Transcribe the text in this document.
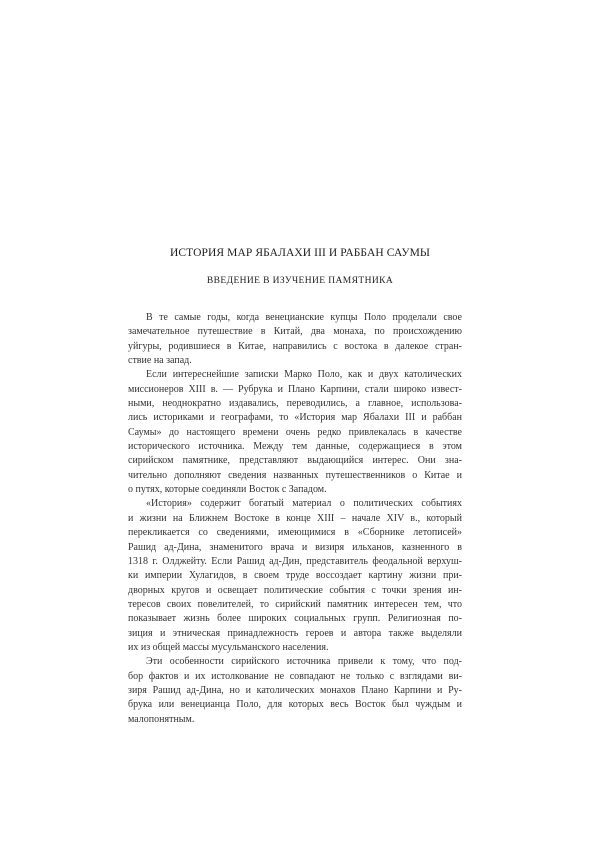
ИСТОРИЯ МАР ЯБАЛАХИ III И РАББАН САУМЫ
ВВЕДЕНИЕ В ИЗУЧЕНИЕ ПАМЯТНИКА
В те самые годы, когда венецианские купцы Поло проделали свое
замечательное путешествие в Китай, два монаха, по происхождению
уйгуры, родившиеся в Китае, направились с востока в далекое стран-
ствие на запад.
Если интереснейшие записки Марко Поло, как и двух католических
миссионеров XIII в. — Рубрука и Плано Карпини, стали широко извест-
ными, неоднократно издавались, переводились, а главное, использова-
лись историками и географами, то «История мар Ябалахи III и раббан
Саумы» до настоящего времени очень редко привлекалась в качестве
исторического источника. Между тем данные, содержащиеся в этом
сирийском памятнике, представляют выдающийся интерес. Они зна-
чительно дополняют сведения названных путешественников о Китае и
о путях, которые соединяли Восток с Западом.
«История» содержит богатый материал о политических событиях
и жизни на Ближнем Востоке в конце XIII – начале XIV в., который
перекликается со сведениями, имеющимися в «Сборнике летописей»
Рашид ад-Дина, знаменитого врача и визиря ильханов, казненного в
1318 г. Олджейту. Если Рашид ад-Дин, представитель феодальной верхуш-
ки империи Хулагидов, в своем труде воссоздает картину жизни при-
дворных кругов и освещает политические события с точки зрения ин-
тересов своих повелителей, то сирийский памятник интересен тем, что
показывает жизнь более широких социальных групп. Религиозная по-
зиция и этническая принадлежность героев и автора также выделяли
их из общей массы мусульманского населения.
Эти особенности сирийского источника привели к тому, что под-
бор фактов и их истолкование не совпадают не только с взглядами ви-
зиря Рашид ад-Дина, но и католических монахов Плано Карпини и Ру-
брука или венецианца Поло, для которых весь Восток был чуждым и
малопонятным.
